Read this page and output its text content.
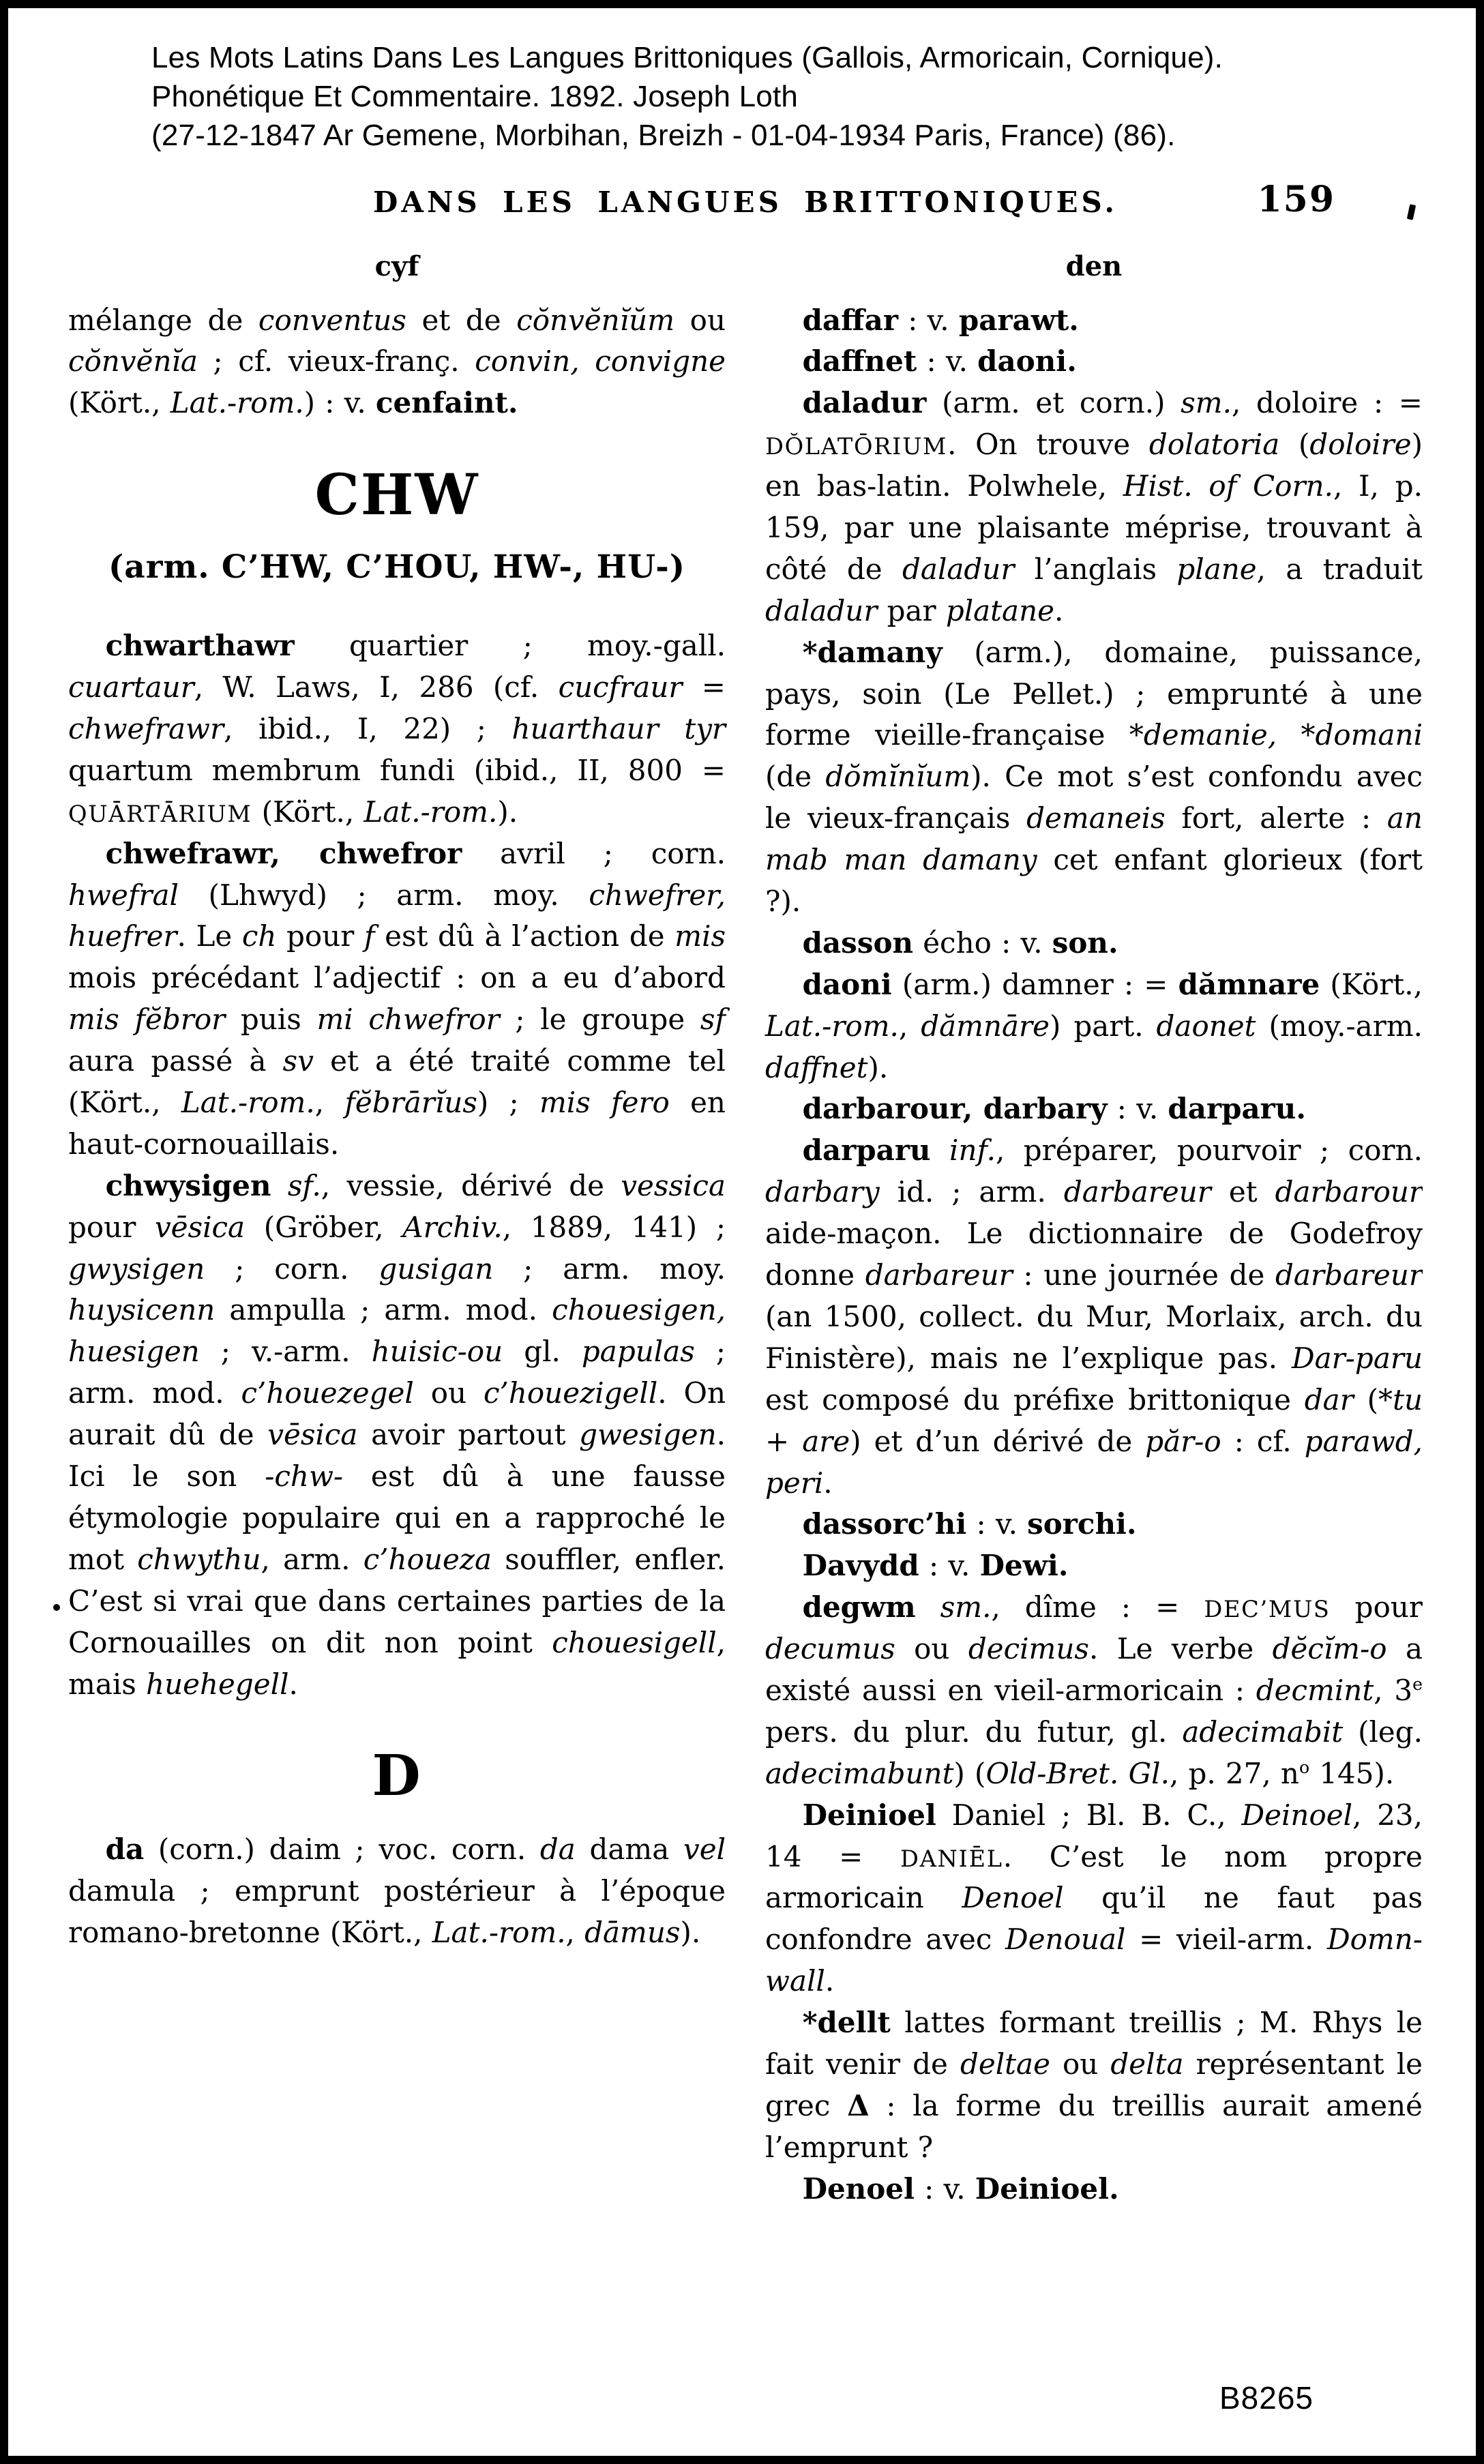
Les Mots Latins Dans Les Langues Brittoniques (Gallois, Armoricain, Cornique).
Phonétique Et Commentaire. 1892. Joseph Loth
(27-12-1847 Ar Gemene, Morbihan, Breizh - 01-04-1934 Paris, France) (86).
DANS LES LANGUES BRITTONIQUES.	159
cyf

mélange de conventus et de cŏnvĕnĭŭm ou cŏnvĕnĭa ; cf. vieux-franç. convin, convigne (Kört., Lat.-rom.) : v. cenfaint.

CHW
(arm. C’HW, C’HOU, HW-, HU-)

chwarthawr quartier ; moy.-gall. cuartaur, W. Laws, I, 286 (cf. cucfraur = chwefrawr, ibid., I, 22) ; huarthaur tyr quartum membrum fundi (ibid., II, 800 = QUĀRTĀRIUM (Kört., Lat.-rom.).

chwefrawr, chwefror avril ; corn. hwefral (Lhwyd) ; arm. moy. chwefrer, huefrer. Le ch pour f est dû à l’action de mis mois précédant l’adjectif : on a eu d’abord mis fĕbror puis mi chwefror ; le groupe sf aura passé à sv et a été traité comme tel (Kört., Lat.-rom., fĕbrārĭus) ; mis fero en haut-cornouaillais.

chwysigen sf., vessie, dérivé de vessica pour vēsica (Gröber, Archiv., 1889, 141) ; gwysigen ; corn. gusigan ; arm. moy. huysicenn ampulla ; arm. mod. chouesigen, huesigen ; v.-arm. huisic-ou gl. papulas ; arm. mod. c’houezegel ou c’houezigell. On aurait dû de vēsica avoir partout gwesigen. Ici le son -chw- est dû à une fausse étymologie populaire qui en a rapproché le mot chwythu, arm. c’houeza souffler, enfler. C’est si vrai que dans certaines parties de la Cornouailles on dit non point chouesigell, mais huehegell.

D

da (corn.) daim ; voc. corn. da dama vel damula ; emprunt postérieur à l’époque romano-bretonne (Kört., Lat.-rom., dāmus).

den

daffar : v. parawt.

daffnet : v. daoni.

daladur (arm. et corn.) sm., doloire : = DŎLATŌRIUM. On trouve dolatoria (doloire) en bas-latin. Polwhele, Hist. of Corn., I, p. 159, par une plaisante méprise, trouvant à côté de daladur l’anglais plane, a traduit daladur par platane.

*damany (arm.), domaine, puissance, pays, soin (Le Pellet.) ; emprunté à une forme vieille-française *demanie, *domani (de dŏmĭnĭum). Ce mot s’est confondu avec le vieux-français demaneis fort, alerte : an mab man damany cet enfant glorieux (fort ?).

dasson écho : v. son.

daoni (arm.) damner : = dămnare (Kört., Lat.-rom., dămnāre) part. daonet (moy.-arm. daffnet).

darbarour, darbary : v. darparu.

darparu inf., préparer, pourvoir ; corn. darbary id. ; arm. darbareur et darbarour aide-maçon. Le dictionnaire de Godefroy donne darbareur : une journée de darbareur (an 1500, collect. du Mur, Morlaix, arch. du Finistère), mais ne l’explique pas. Dar-paru est composé du préfixe brittonique dar (*tu + are) et d’un dérivé de păr-o : cf. parawd, peri.

dassorc’hi : v. sorchi.

Davydd : v. Dewi.

degwm sm., dîme : = DEC’MUS pour decumus ou decimus. Le verbe dĕcĭm-o a existé aussi en vieil-armoricain : decmint, 3e pers. du plur. du futur, gl. adecimabit (leg. adecimabunt) (Old-Bret. Gl., p. 27, $n^o$ 145).

Deinioel Daniel ; Bl. B. C., Deinoel, 23, 14 = DANIĒL. C’est le nom propre armoricain Denoel qu’il ne faut pas confondre avec Denoual = vieil-arm. Domn-wall.

*dellt lattes formant treillis ; M. Rhys le fait venir de deltae ou delta représentant le grec Δ : la forme du treillis aurait amené l’emprunt ?

Denoel : v. Deinioel.

B8265
